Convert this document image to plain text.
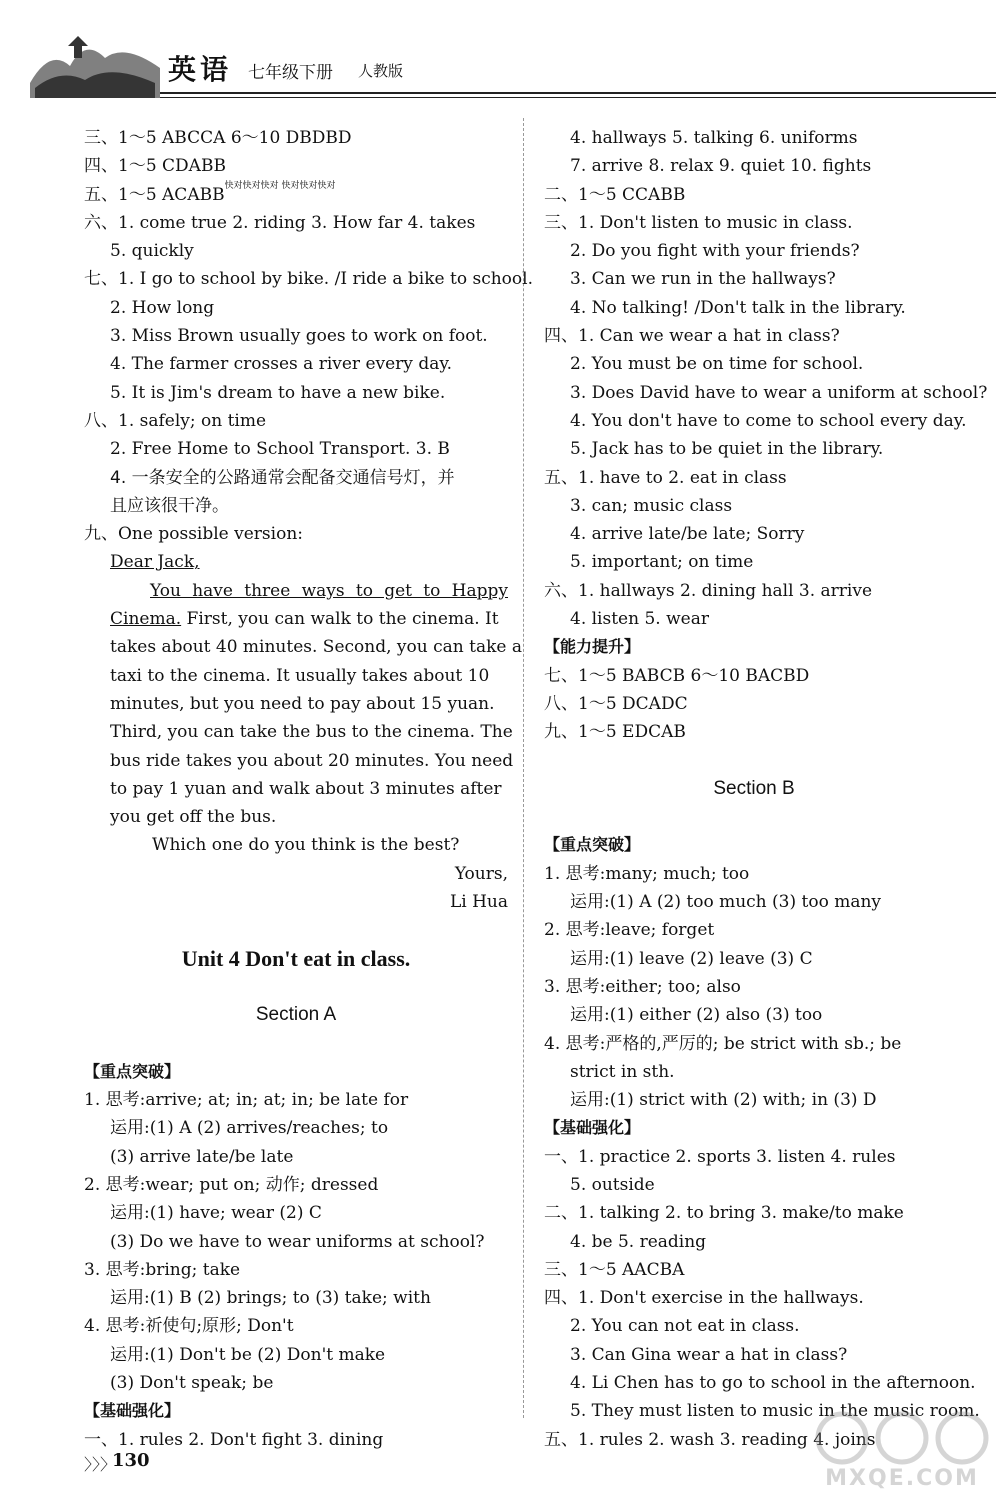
英语 七年级下册 人教版
三、1～5 ABCCA 6～10 DBDBD
四、1～5 CDABB
五、1～5 ACABB快对快对快对 快对快对快对
六、1. come true 2. riding 3. How far 4. takes
5. quickly
七、1. I go to school by bike. /I ride a bike to school.
2. How long
3. Miss Brown usually goes to work on foot.
4. The farmer crosses a river every day.
5. It is Jim's dream to have a new bike.
八、1. safely; on time
2. Free Home to School Transport. 3. B
4. 一条安全的公路通常会配备交通信号灯，并
且应该很干净。
九、One possible version:
Dear Jack,
You have three ways to get to Happy
Cinema. First, you can walk to the cinema. It
takes about 40 minutes. Second, you can take a
taxi to the cinema. It usually takes about 10
minutes, but you need to pay about 15 yuan.
Third, you can take the bus to the cinema. The
bus ride takes you about 20 minutes. You need
to pay 1 yuan and walk about 3 minutes after
you get off the bus.
Which one do you think is the best?
Yours,
Li Hua
Unit 4 Don't eat in class.
Section A
【重点突破】
1. 思考:arrive; at; in; at; in; be late for
运用:(1) A (2) arrives/reaches; to
(3) arrive late/be late
2. 思考:wear; put on; 动作; dressed
运用:(1) have; wear (2) C
(3) Do we have to wear uniforms at school?
3. 思考:bring; take
运用:(1) B (2) brings; to (3) take; with
4. 思考:祈使句;原形; Don't
运用:(1) Don't be (2) Don't make
(3) Don't speak; be
【基础强化】
一、1. rules 2. Don't fight 3. dining
4. hallways 5. talking 6. uniforms
7. arrive 8. relax 9. quiet 10. fights
二、1～5 CCABB
三、1. Don't listen to music in class.
2. Do you fight with your friends?
3. Can we run in the hallways?
4. No talking! /Don't talk in the library.
四、1. Can we wear a hat in class?
2. You must be on time for school.
3. Does David have to wear a uniform at school?
4. You don't have to come to school every day.
5. Jack has to be quiet in the library.
五、1. have to 2. eat in class
3. can; music class
4. arrive late/be late; Sorry
5. important; on time
六、1. hallways 2. dining hall 3. arrive
4. listen 5. wear
【能力提升】
七、1～5 BABCB 6～10 BACBD
八、1～5 DCADC
九、1～5 EDCAB
Section B
【重点突破】
1. 思考:many; much; too
运用:(1) A (2) too much (3) too many
2. 思考:leave; forget
运用:(1) leave (2) leave (3) C
3. 思考:either; too; also
运用:(1) either (2) also (3) too
4. 思考:严格的,严厉的; be strict with sb.; be
strict in sth.
运用:(1) strict with (2) with; in (3) D
【基础强化】
一、1. practice 2. sports 3. listen 4. rules
5. outside
二、1. talking 2. to bring 3. make/to make
4. be 5. reading
三、1～5 AACBA
四、1. Don't exercise in the hallways.
2. You can not eat in class.
3. Can Gina wear a hat in class?
4. Li Chen has to go to school in the afternoon.
5. They must listen to music in the music room.
五、1. rules 2. wash 3. reading 4. joins
〉〉〉
130
MXQE.COM
